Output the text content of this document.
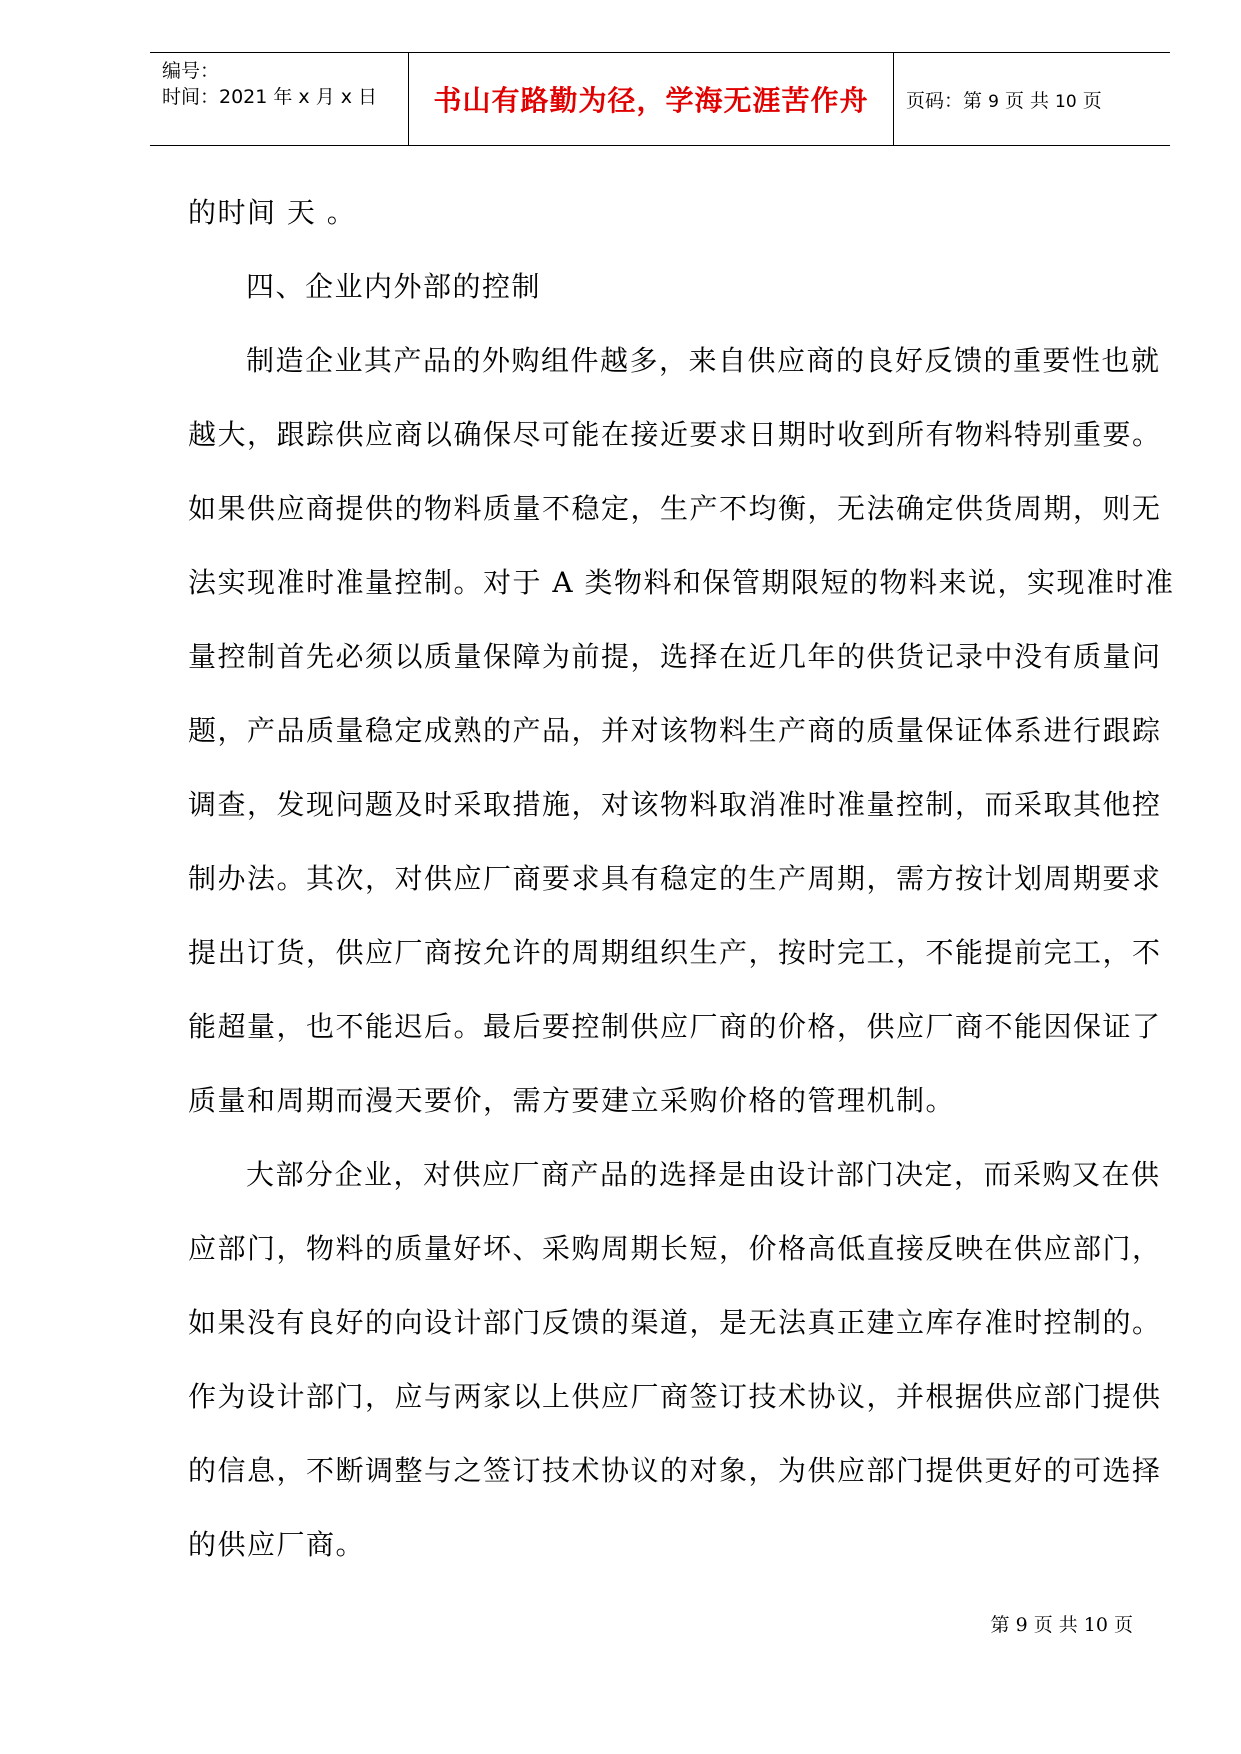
编号：
时间：2021 年 x 月 x 日 书山有路勤为径，学海无涯苦作舟	页码：第 9 页 共 10 页
的时间 天 。
四、企业内外部的控制
制造企业其产品的外购组件越多，来自供应商的良好反馈的重要性也就
越大，跟踪供应商以确保尽可能在接近要求日期时收到所有物料特别重要。
如果供应商提供的物料质量不稳定，生产不均衡，无法确定供货周期，则无
法实现准时准量控制。对于 A 类物料和保管期限短的物料来说，实现准时准
量控制首先必须以质量保障为前提，选择在近几年的供货记录中没有质量问
题，产品质量稳定成熟的产品，并对该物料生产商的质量保证体系进行跟踪
调查，发现问题及时采取措施，对该物料取消准时准量控制，而采取其他控
制办法。其次，对供应厂商要求具有稳定的生产周期，需方按计划周期要求
提出订货，供应厂商按允许的周期组织生产，按时完工，不能提前完工，不
能超量，也不能迟后。最后要控制供应厂商的价格，供应厂商不能因保证了
质量和周期而漫天要价，需方要建立采购价格的管理机制。
大部分企业，对供应厂商产品的选择是由设计部门决定，而采购又在供
应部门，物料的质量好坏、采购周期长短，价格高低直接反映在供应部门，
如果没有良好的向设计部门反馈的渠道，是无法真正建立库存准时控制的。
作为设计部门，应与两家以上供应厂商签订技术协议，并根据供应部门提供
的信息，不断调整与之签订技术协议的对象，为供应部门提供更好的可选择
的供应厂商。
第 9 页 共 10 页
